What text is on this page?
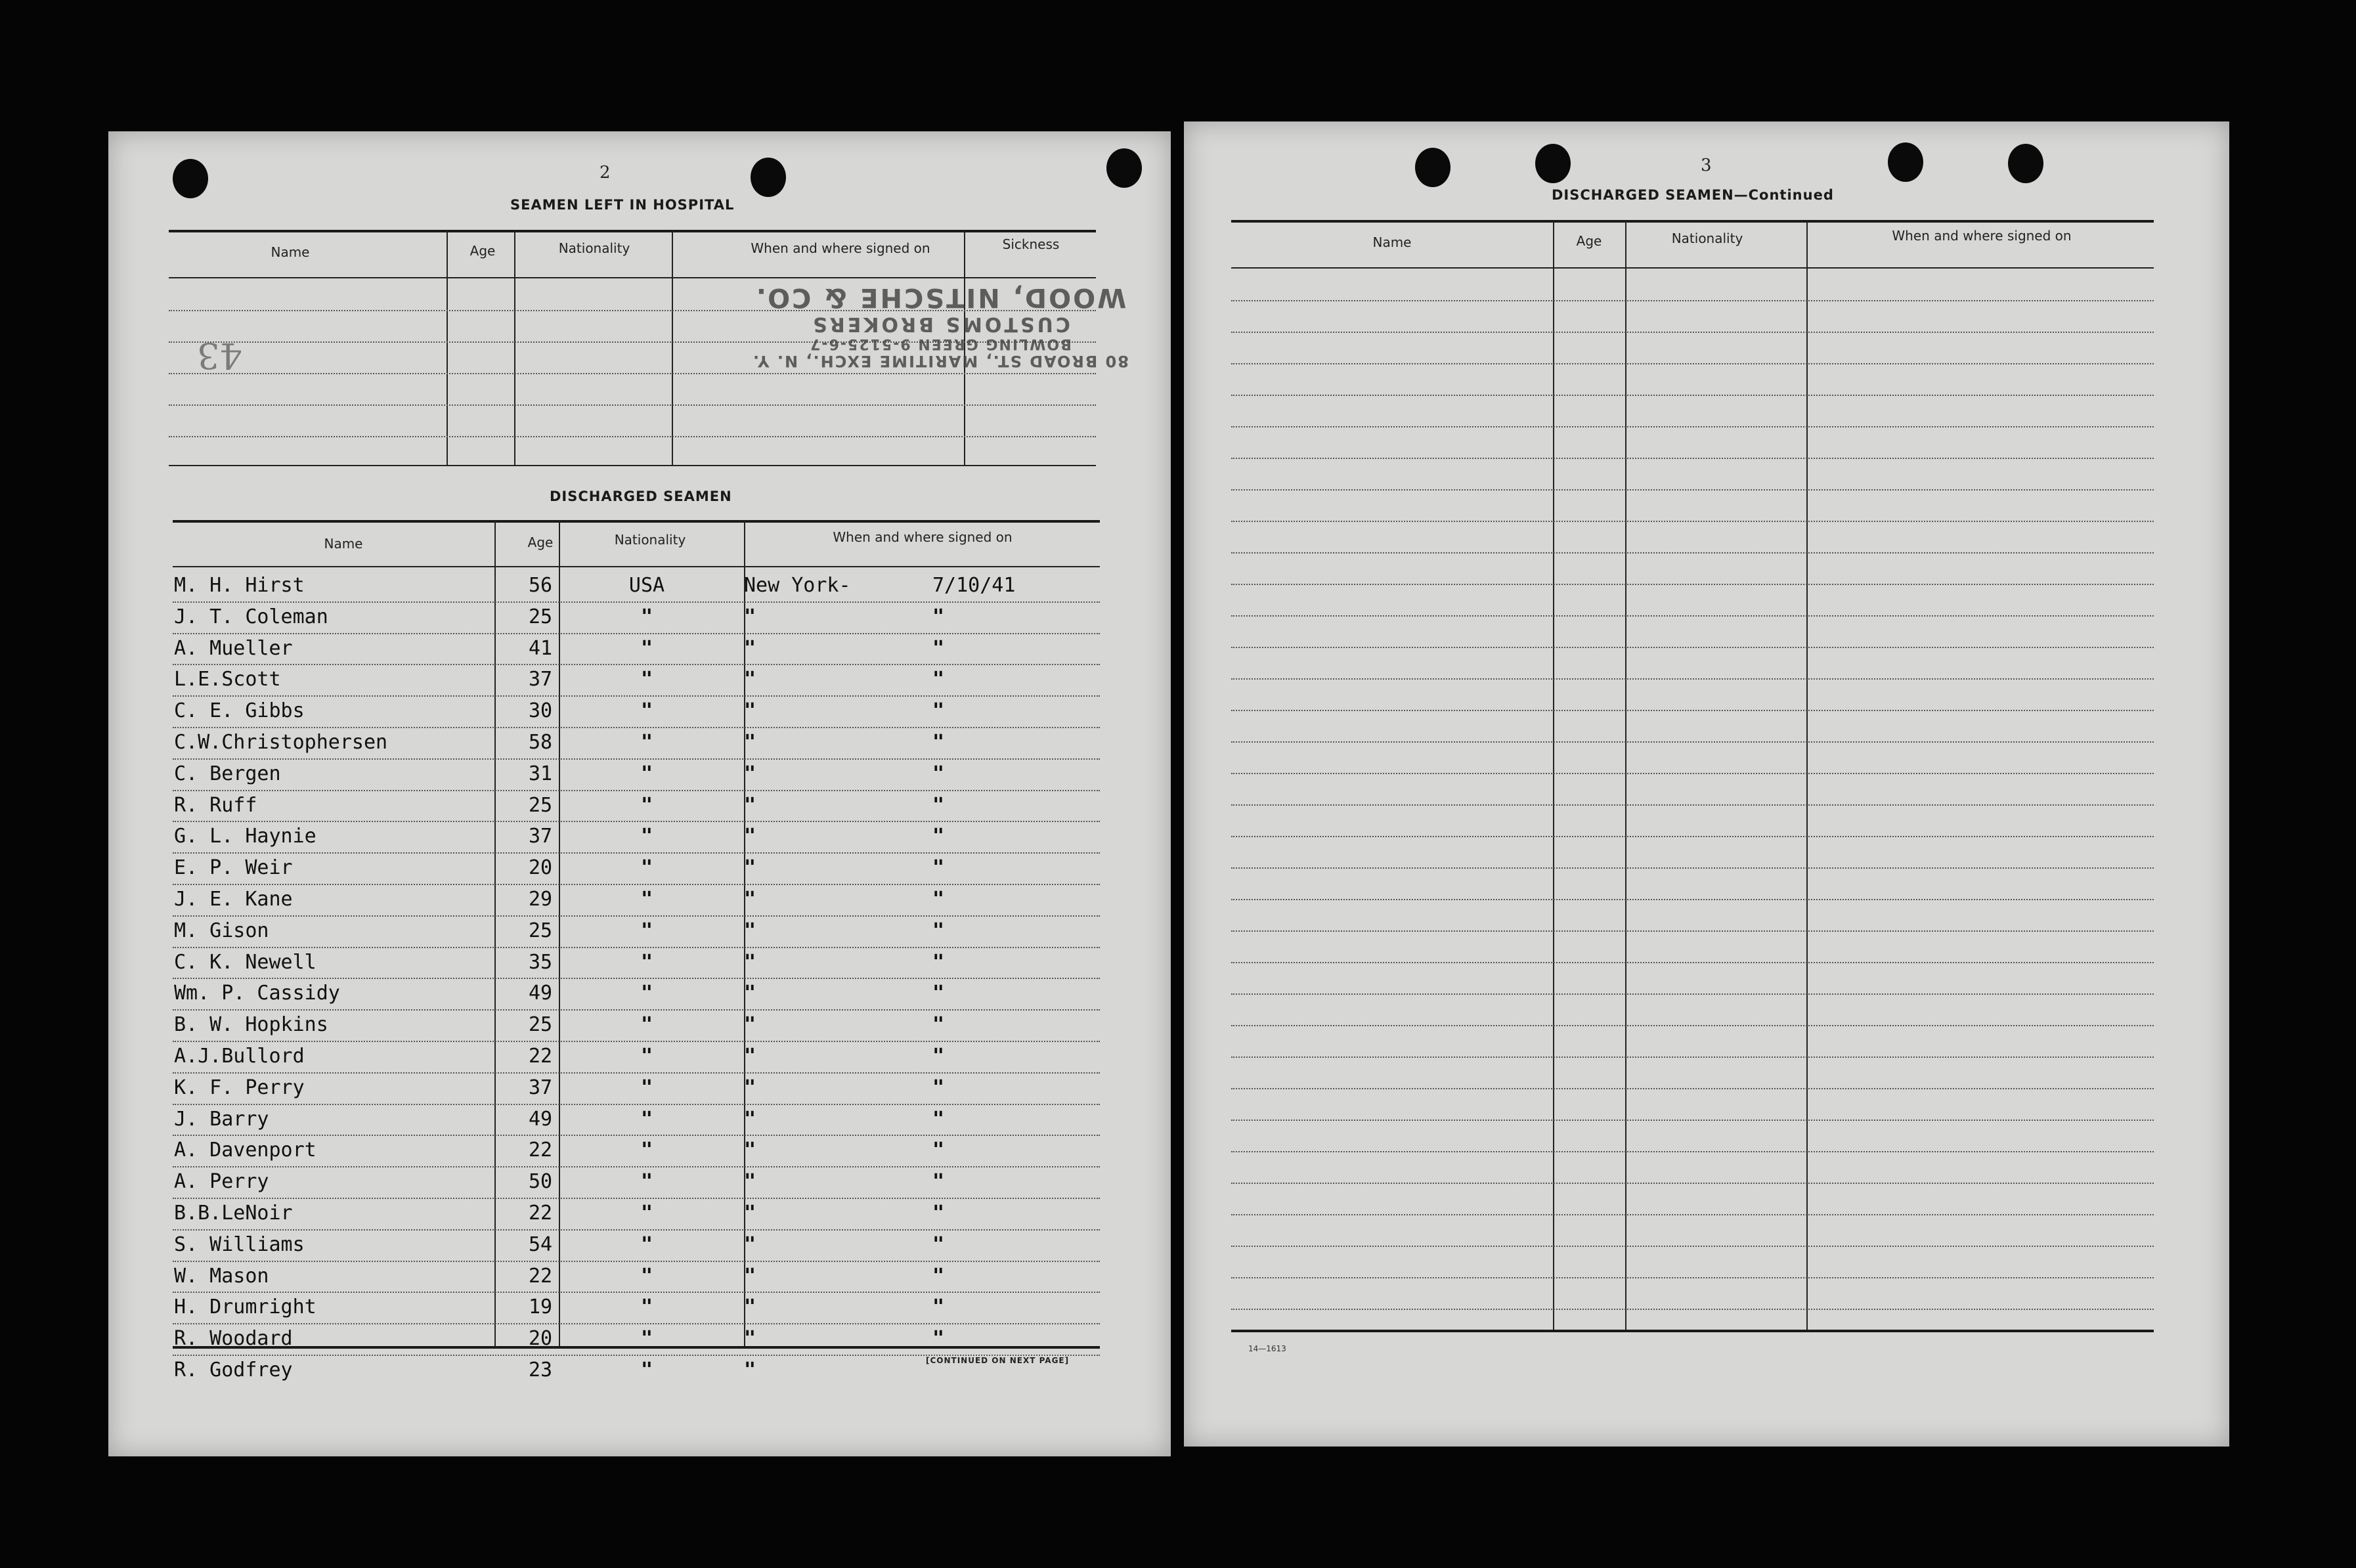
2
SEAMEN LEFT IN HOSPITAL
Name	Age	Nationality	When and where signed on	Sickness
43	80 BROAD ST., MARITIME EXCH., N. Y.
BOWLING GREEN 9-5125-6-7
CUSTOMS BROKERS
WOOD, NITSCHE & CO.
DISCHARGED SEAMEN
Name	Age	Nationality	When and where signed on
M. H. Hirst	56	USA	New York-	7/10/41
J. T. Coleman	25	"	"	"
A. Mueller	41	"	"	"
L.E.Scott	37	"	"	"
C. E. Gibbs	30	"	"	"
C.W.Christophersen	58	"	"	"
C. Bergen	31	"	"	"
R. Ruff	25	"	"	"
G. L. Haynie	37	"	"	"
E. P. Weir	20	"	"	"
J. E. Kane	29	"	"	"
M. Gison	25	"	"	"
C. K. Newell	35	"	"	"
Wm. P. Cassidy	49	"	"	"
B. W. Hopkins	25	"	"	"
A.J.Bullord	22	"	"	"
K. F. Perry	37	"	"	"
J. Barry	49	"	"	"
A. Davenport	22	"	"	"
A. Perry	50	"	"	"
B.B.LeNoir	22	"	"	"
S. Williams	54	"	"	"
W. Mason	22	"	"	"
H. Drumright	19	"	"	"
R. Woodard	20	"	"	"
R. Godfrey	23	"	"	[CONTINUED ON NEXT PAGE]
3
DISCHARGED SEAMEN—Continued
Name	Age	Nationality	When and where signed on
14—1613
